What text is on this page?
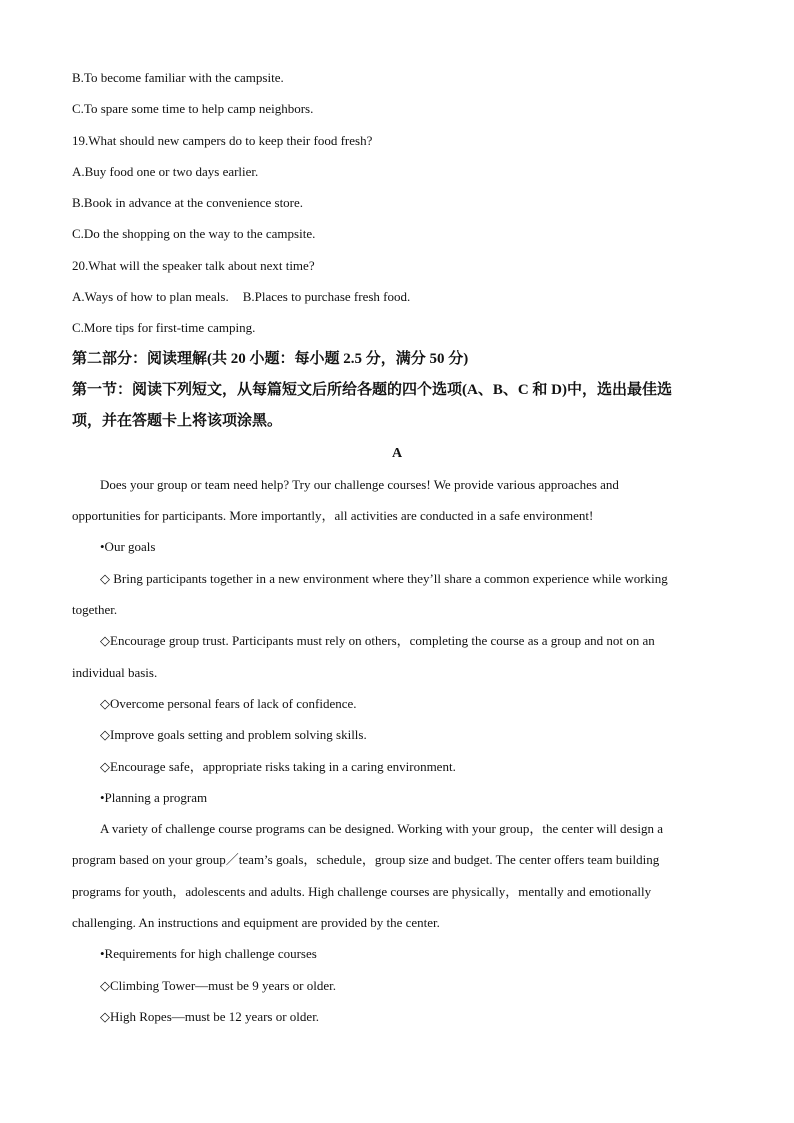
B.To become familiar with the campsite.
C.To spare some time to help camp neighbors.
19.What should new campers do to keep their food fresh?
A.Buy food one or two days earlier.
B.Book in advance at the convenience store.
C.Do the shopping on the way to the campsite.
20.What will the speaker talk about next time?
A.Ways of how to plan meals. B.Places to purchase fresh food.
C.More tips for first-time camping.
第二部分：阅读理解(共 20 小题：每小题 2.5 分，满分 50 分)
第一节：阅读下列短文，从每篇短文后所给各题的四个选项(A、B、C 和 D)中，选出最佳选
项，并在答题卡上将该项涂黑。
A
Does your group or team need help? Try our challenge courses! We provide various approaches and
opportunities for participants. More importantly，all activities are conducted in a safe environment!
•Our goals
◇ Bring participants together in a new environment where they’ll share a common experience while working
together.
◇Encourage group trust. Participants must rely on others，completing the course as a group and not on an
individual basis.
◇Overcome personal fears of lack of confidence.
◇Improve goals setting and problem solving skills.
◇Encourage safe，appropriate risks taking in a caring environment.
•Planning a program
A variety of challenge course programs can be designed. Working with your group，the center will design a
program based on your group／team’s goals，schedule，group size and budget. The center offers team building
programs for youth，adolescents and adults. High challenge courses are physically，mentally and emotionally
challenging. An instructions and equipment are provided by the center.
•Requirements for high challenge courses
◇Climbing Tower—must be 9 years or older.
◇High Ropes—must be 12 years or older.
